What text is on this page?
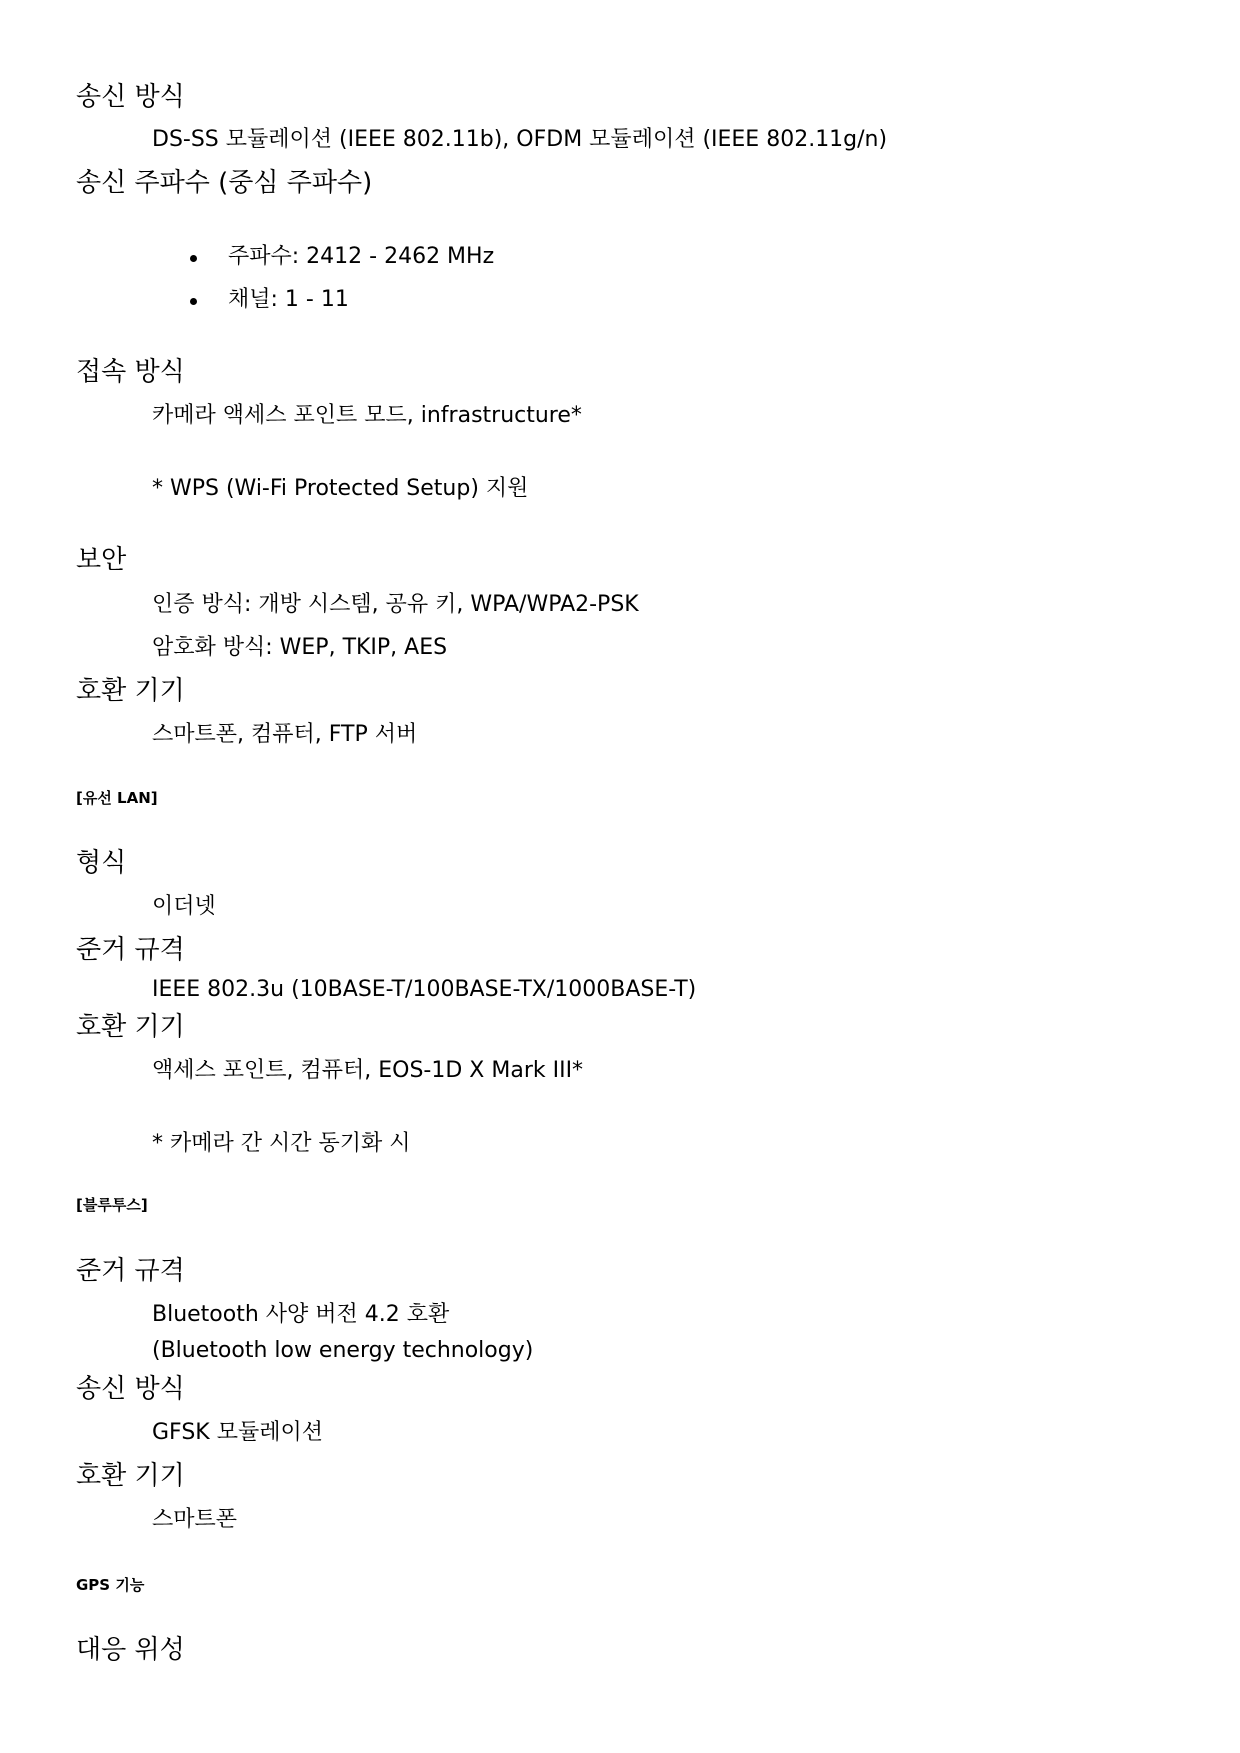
송신 방식
DS-SS 모듈레이션 (IEEE 802.11b), OFDM 모듈레이션 (IEEE 802.11g/n)
송신 주파수 (중심 주파수)
주파수: 2412 - 2462 MHz
채널: 1 - 11
접속 방식
카메라 액세스 포인트 모드, infrastructure*
* WPS (Wi-Fi Protected Setup) 지원
보안
인증 방식: 개방 시스템, 공유 키, WPA/WPA2-PSK
암호화 방식: WEP, TKIP, AES
호환 기기
스마트폰, 컴퓨터, FTP 서버
[유선 LAN]
형식
이더넷
준거 규격
IEEE 802.3u (10BASE-T/100BASE-TX/1000BASE-T)
호환 기기
액세스 포인트, 컴퓨터, EOS-1D X Mark III*
* 카메라 간 시간 동기화 시
[블루투스]
준거 규격
Bluetooth 사양 버전 4.2 호환
(Bluetooth low energy technology)
송신 방식
GFSK 모듈레이션
호환 기기
스마트폰
GPS 기능
대응 위성
